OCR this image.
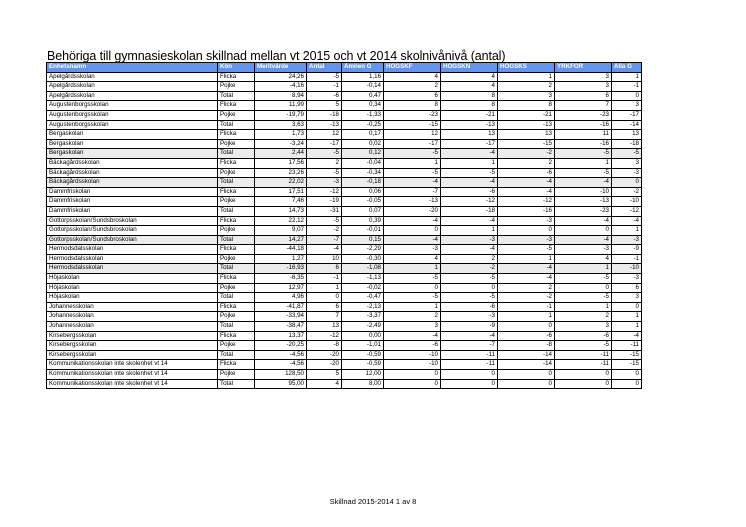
Behöriga till gymnasieskolan skillnad mellan vt 2015 och vt 2014 skolnivånivå (antal)
Enhetsnamn	Kön	Meritvärde	Antal	Ämnen G	HÖGSKF	HÖGSKN	HÖGSKS	YRKFÖR	Alla G
Apelgårdsskolan	Flicka	24,26	-5	1,16	4	4	1	3	1
Apelgårdsskolan	Pojke	-4,16	-1	-0,14	2	4	2	3	-1
Apelgårdsskolan	Total	8,94	-6	0,47	6	8	3	6	0
Augustenborgsskolan	Flicka	11,99	5	0,34	8	8	8	7	3
Augustenborgsskolan	Pojke	-19,79	-18	-1,33	-23	-21	-21	-23	-17
Augustenborgsskolan	Total	3,63	-13	-0,25	-15	-13	-13	-16	-14
Bergaskolan	Flicka	1,73	12	0,17	12	13	13	11	13
Bergaskolan	Pojke	-3,24	-17	0,02	-17	-17	-15	-16	-18
Bergaskolan	Total	2,44	-5	0,12	-5	-4	-2	-5	-5
Bäckagårdsskolan	Flicka	17,56	2	-0,04	1	1	2	1	3
Bäckagårdsskolan	Pojke	23,26	-5	-0,34	-5	-5	-6	-5	-3
Bäckagårdsskolan	Total	22,02	-3	-0,18	-4	-4	-4	-4	0
Dammfriskolan	Flicka	17,51	-12	0,06	-7	-6	-4	-10	-2
Dammfriskolan	Pojke	7,46	-19	-0,05	-13	-12	-12	-13	-10
Dammfriskolan	Total	14,73	-31	0,07	-20	-18	-16	-23	-12
Gottorpsskolan/Sundsbroskolan	Flicka	22,12	-5	0,39	-4	-4	-3	-4	-4
Gottorpsskolan/Sundsbroskolan	Pojke	9,07	-2	-0,01	0	1	0	0	1
Gottorpsskolan/Sundsbroskolan	Total	14,27	-7	0,15	-4	-3	-3	-4	-3
Hermodsdalsskolan	Flicka	-44,18	-4	-2,29	-3	-4	-5	-3	-9
Hermodsdalsskolan	Pojke	1,27	10	-0,30	4	2	1	4	-1
Hermodsdalsskolan	Total	-16,93	6	-1,08	1	-2	-4	1	-10
Höjaskolan	Flicka	-6,35	-1	-1,13	-5	-5	-4	-5	-3
Höjaskolan	Pojke	12,97	1	-0,02	0	0	2	0	6
Höjaskolan	Total	4,96	0	-0,47	-5	-5	-2	-5	3
Johannesskolan	Flicka	-41,87	6	-2,13	1	-6	-1	1	0
Johannesskolan	Pojke	-33,94	7	-3,37	2	-3	1	2	1
Johannesskolan	Total	-38,47	13	-2,49	3	-9	0	3	1
Kirsebergsskolan	Flicka	13,37	-12	0,00	-4	-4	-6	-6	-4
Kirsebergsskolan	Pojke	-20,25	-8	-1,01	-6	-7	-8	-5	-11
Kirsebergsskolan	Total	-4,56	-20	-0,59	-10	-11	-14	-11	-15
Kommunikationsskolan inte skolenhet vt 14	Flicka	-4,56	-20	-0,59	-10	-11	-14	-11	-15
Kommunikationsskolan inte skolenhet vt 14	Pojke	128,50	5	12,00	0	0	0	0	0
Kommunikationsskolan inte skolenhet vt 14	Total	95,00	4	8,00	0	0	0	0	0
Skillnad 2015-2014 1 av 8
